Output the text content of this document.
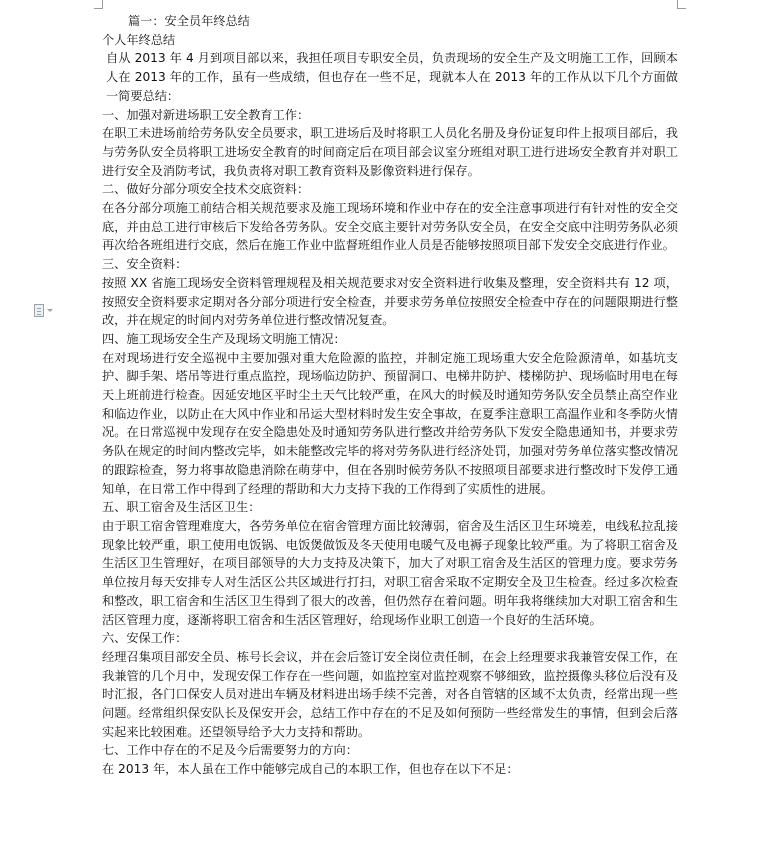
篇一：安全员年终总结

个人年终总结

自从 2013 年 4 月到项目部以来，我担任项目专职安全员，负责现场的安全生产及文明施工工作，回顾本人在 2013 年的工作，虽有一些成绩，但也存在一些不足，现就本人在 2013 年的工作从以下几个方面做一简要总结：

一、加强对新进场职工安全教育工作：

在职工未进场前给劳务队安全员要求，职工进场后及时将职工人员化名册及身份证复印件上报项目部后，我与劳务队安全员将职工进场安全教育的时间商定后在项目部会议室分班组对职工进行进场安全教育并对职工进行安全及消防考试，我负责将对职工教育资料及影像资料进行保存。

二、做好分部分项安全技术交底资料：

在各分部分项施工前结合相关规范要求及施工现场环境和作业中存在的安全注意事项进行有针对性的安全交底，并由总工进行审核后下发给各劳务队。安全交底主要针对劳务队安全员，在安全交底中注明劳务队必须再次给各班组进行交底，然后在施工作业中监督班组作业人员是否能够按照项目部下发安全交底进行作业。

三、安全资料：

按照 XX 省施工现场安全资料管理规程及相关规范要求对安全资料进行收集及整理，安全资料共有 12 项，按照安全资料要求定期对各分部分项进行安全检查，并要求劳务单位按照安全检查中存在的问题限期进行整改，并在规定的时间内对劳务单位进行整改情况复查。

四、施工现场安全生产及现场文明施工情况：

在对现场进行安全巡视中主要加强对重大危险源的监控，并制定施工现场重大安全危险源清单，如基坑支护、脚手架、塔吊等进行重点监控，现场临边防护、预留洞口、电梯井防护、楼梯防护、现场临时用电在每天上班前进行检查。因延安地区平时尘土天气比较严重，在风大的时候及时通知劳务队安全员禁止高空作业和临边作业，以防止在大风中作业和吊运大型材料时发生安全事故，在夏季注意职工高温作业和冬季防火情况。在日常巡视中发现存在安全隐患处及时通知劳务队进行整改并给劳务队下发安全隐患通知书，并要求劳务队在规定的时间内整改完毕，如未能整改完毕的将对劳务队进行经济处罚，加强对劳务单位落实整改情况的跟踪检查，努力将事故隐患消除在萌芽中，但在各别时候劳务队不按照项目部要求进行整改时下发停工通知单，在日常工作中得到了经理的帮助和大力支持下我的工作得到了实质性的进展。

五、职工宿舍及生活区卫生：

由于职工宿舍管理难度大，各劳务单位在宿舍管理方面比较薄弱，宿舍及生活区卫生环境差，电线私拉乱接现象比较严重，职工使用电饭锅、电饭煲做饭及冬天使用电暖气及电褥子现象比较严重。为了将职工宿舍及生活区卫生管理好，在项目部领导的大力支持及决策下，加大了对职工宿舍及生活区的管理力度。要求劳务单位按月每天安排专人对生活区公共区域进行打扫，对职工宿舍采取不定期安全及卫生检查。经过多次检查和整改，职工宿舍和生活区卫生得到了很大的改善，但仍然存在着问题。明年我将继续加大对职工宿舍和生活区管理力度，逐渐将职工宿舍和生活区管理好，给现场作业职工创造一个良好的生活环境。

六、安保工作：

经理召集项目部安全员、栋号长会议，并在会后签订安全岗位责任制，在会上经理要求我兼管安保工作，在我兼管的几个月中，发现安保工作存在一些问题，如监控室对监控观察不够细致，监控摄像头移位后没有及时汇报，各门口保安人员对进出车辆及材料进出场手续不完善，对各自管辖的区域不太负责，经常出现一些问题。经常组织保安队长及保安开会，总结工作中存在的不足及如何预防一些经常发生的事情，但到会后落实起来比较困难。还望领导给予大力支持和帮助。

七、工作中存在的不足及今后需要努力的方向：

在 2013 年，本人虽在工作中能够完成自己的本职工作，但也存在以下不足：
